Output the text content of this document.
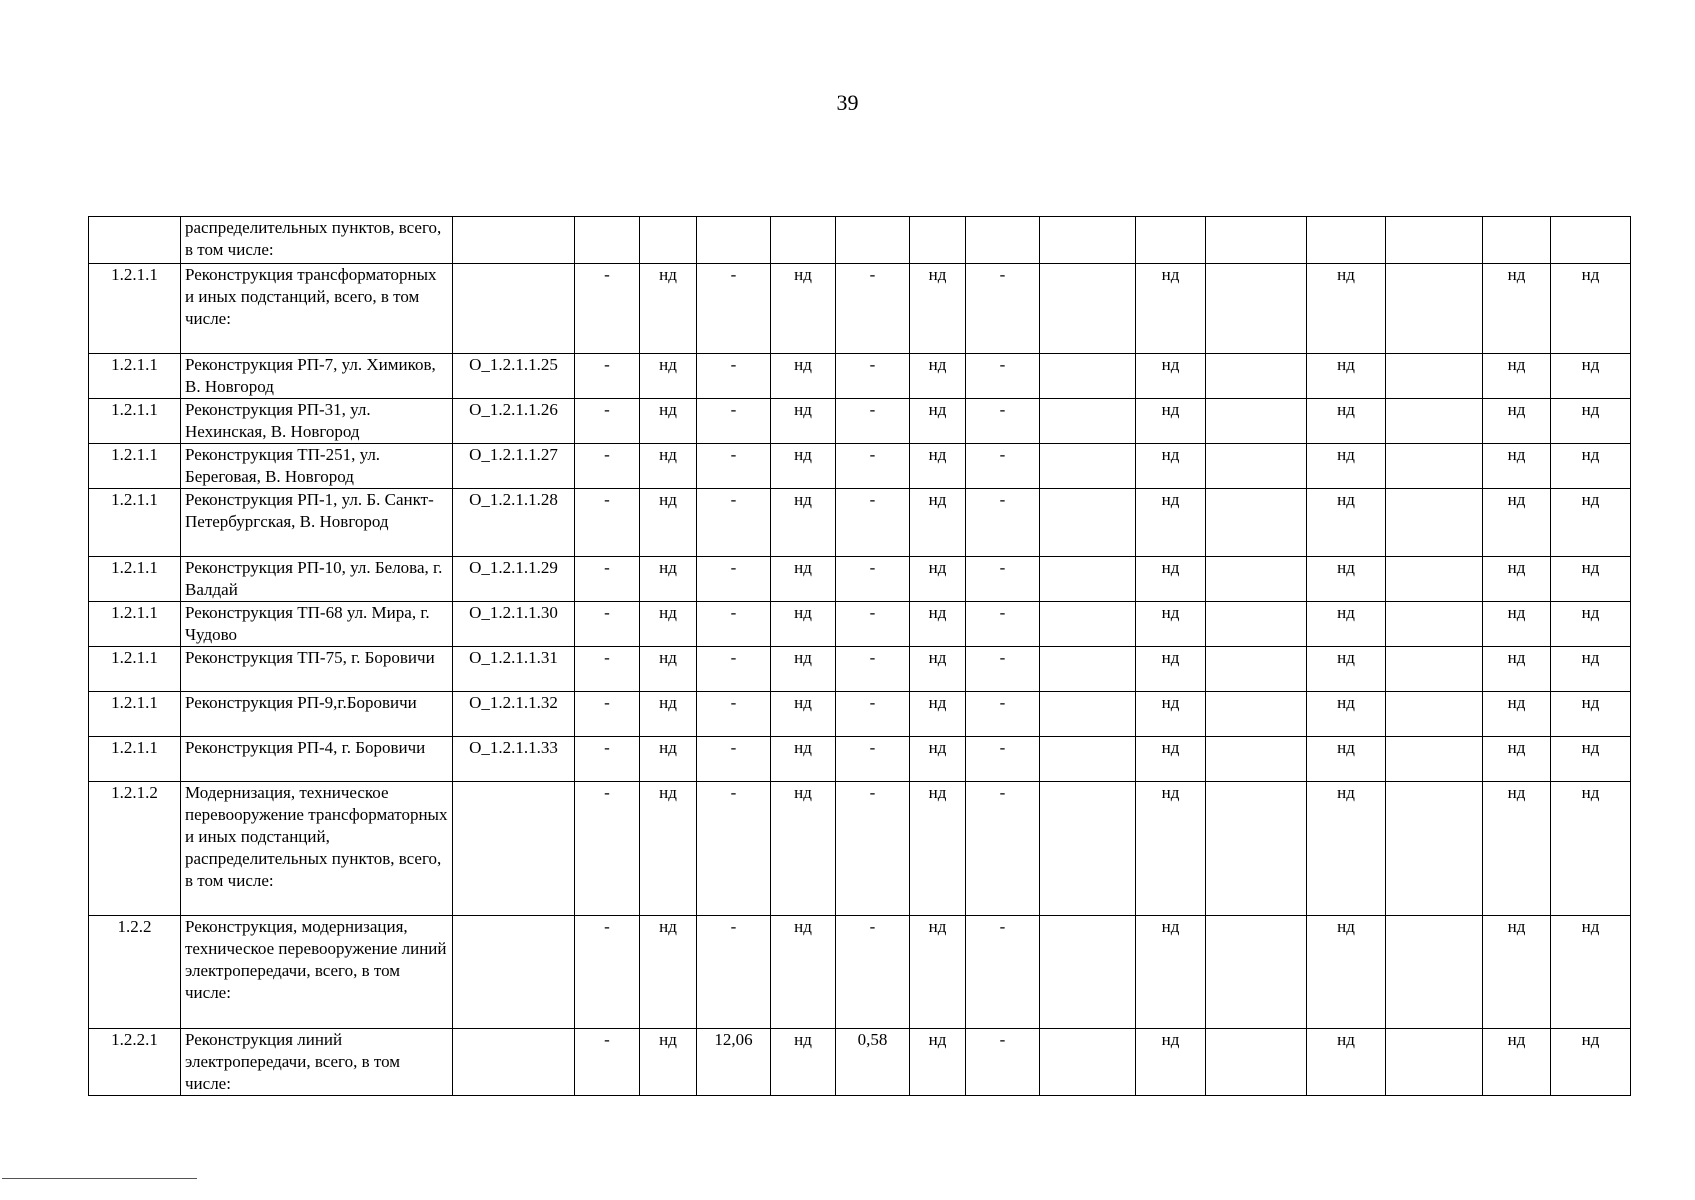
39
	распределительных пунктов, всего, в том числе:															
1.2.1.1	Реконструкция трансформаторных и иных подстанций, всего, в том числе:		-	нд	-	нд	-	нд	-		нд		нд		нд	нд
1.2.1.1	Реконструкция РП-7, ул. Химиков, В. Новгород	О_1.2.1.1.25	-	нд	-	нд	-	нд	-		нд		нд		нд	нд
1.2.1.1	Реконструкция РП-31, ул. Нехинская, В. Новгород	О_1.2.1.1.26	-	нд	-	нд	-	нд	-		нд		нд		нд	нд
1.2.1.1	Реконструкция ТП-251, ул. Береговая, В. Новгород	О_1.2.1.1.27	-	нд	-	нд	-	нд	-		нд		нд		нд	нд
1.2.1.1	Реконструкция РП-1, ул. Б. Санкт-Петербургская, В. Новгород	О_1.2.1.1.28	-	нд	-	нд	-	нд	-		нд		нд		нд	нд
1.2.1.1	Реконструкция РП-10, ул. Белова, г. Валдай	О_1.2.1.1.29	-	нд	-	нд	-	нд	-		нд		нд		нд	нд
1.2.1.1	Реконструкция ТП-68 ул. Мира, г. Чудово	О_1.2.1.1.30	-	нд	-	нд	-	нд	-		нд		нд		нд	нд
1.2.1.1	Реконструкция ТП-75, г. Боровичи	О_1.2.1.1.31	-	нд	-	нд	-	нд	-		нд		нд		нд	нд
1.2.1.1	Реконструкция РП-9,г.Боровичи	О_1.2.1.1.32	-	нд	-	нд	-	нд	-		нд		нд		нд	нд
1.2.1.1	Реконструкция РП-4, г. Боровичи	О_1.2.1.1.33	-	нд	-	нд	-	нд	-		нд		нд		нд	нд
1.2.1.2	Модернизация, техническое перевооружение трансформаторных и иных подстанций, распределительных пунктов, всего, в том числе:		-	нд	-	нд	-	нд	-		нд		нд		нд	нд
1.2.2	Реконструкция, модернизация, техническое перевооружение линий электропередачи, всего, в том числе:		-	нд	-	нд	-	нд	-		нд		нд		нд	нд
1.2.2.1	Реконструкция линий электропередачи, всего, в том числе:		-	нд	12,06	нд	0,58	нд	-		нд		нд		нд	нд
